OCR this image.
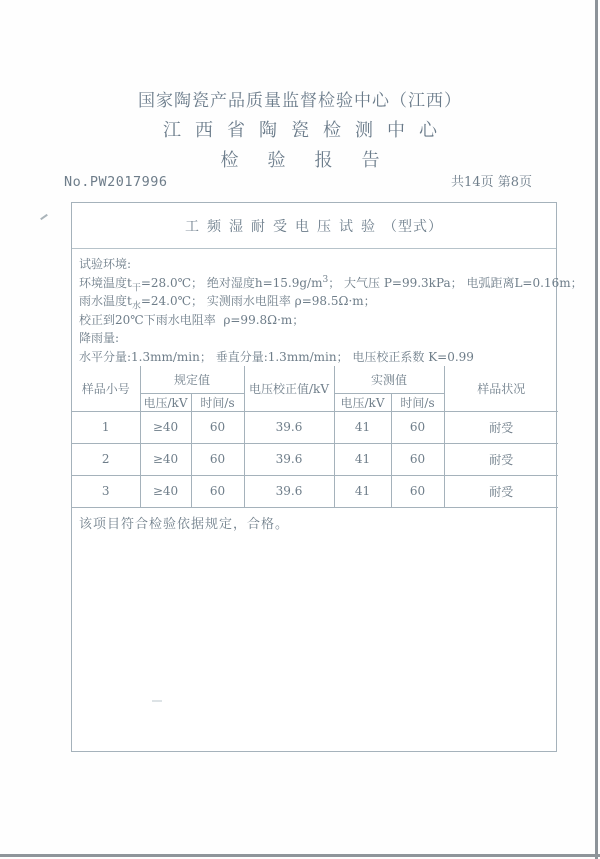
国家陶瓷产品质量监督检验中心（江西）
江西省陶瓷检测中心
检验报告
No.PW2017996	共14页 第8页
工频湿耐受电压试验 （型式）
试验环境:
环境温度$t_干=28.0℃$； 绝对湿度$h=15.9g/m^3$； 大气压 P=99.3kPa； 电弧距离L=0.16m；
雨水温度$t_水=24.0℃$； 实测雨水电阻率 ρ=98.5Ω·m；
校正到20℃下雨水电阻率  ρ=99.8Ω·m；
降雨量:
水平分量:1.3mm/min； 垂直分量:1.3mm/min； 电压校正系数 K=0.99
样品小号	规定值		电压校正值/kV	实测值		样品状况
	电压/kV	时间/s		电压/kV	时间/s	
1	≥40	60	39.6	41	60	耐受
2	≥40	60	39.6	41	60	耐受
3	≥40	60	39.6	41	60	耐受
该项目符合检验依据规定，合格。
